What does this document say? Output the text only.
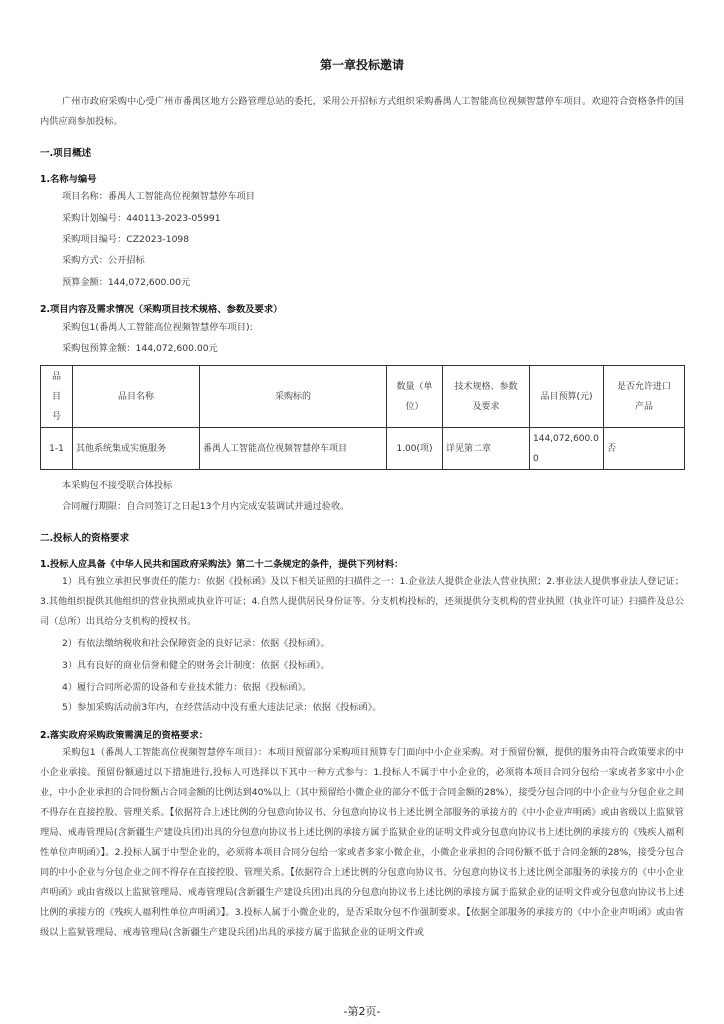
第一章投标邀请
广州市政府采购中心受广州市番禺区地方公路管理总站的委托，采用公开招标方式组织采购番禺人工智能高位视频智慧停车项目。欢迎符合资格条件的国内供应商参加投标。
一.项目概述
1.名称与编号
项目名称：番禺人工智能高位视频智慧停车项目
采购计划编号：440113-2023-05991
采购项目编号：CZ2023-1098
采购方式：公开招标
预算金额：144,072,600.00元
2.项目内容及需求情况（采购项目技术规格、参数及要求）
采购包1(番禺人工智能高位视频智慧停车项目):
采购包预算金额：144,072,600.00元
品目号	品目名称	采购标的	数量（单位）	技术规格、参数及要求	品目预算(元)	是否允许进口产品
1-1	其他系统集成实施服务	番禺人工智能高位视频智慧停车项目	1.00(项)	详见第二章	144,072,600.00	否
本采购包不接受联合体投标
合同履行期限：自合同签订之日起13个月内完成安装调试并通过验收。
二.投标人的资格要求
1.投标人应具备《中华人民共和国政府采购法》第二十二条规定的条件，提供下列材料：
1）具有独立承担民事责任的能力：依据《投标函》及以下相关证照的扫描件之一：1.企业法人提供企业法人营业执照；2.事业法人提供事业法人登记证；3.其他组织提供其他组织的营业执照或执业许可证；4.自然人提供居民身份证等。分支机构投标的，还须提供分支机构的营业执照（执业许可证）扫描件及总公司（总所）出具给分支机构的授权书。
2）有依法缴纳税收和社会保障资金的良好记录：依据《投标函》。
3）具有良好的商业信誉和健全的财务会计制度：依据《投标函》。
4）履行合同所必需的设备和专业技术能力：依据《投标函》。
5）参加采购活动前3年内，在经营活动中没有重大违法记录：依据《投标函》。
2.落实政府采购政策需满足的资格要求：
采购包1（番禺人工智能高位视频智慧停车项目）：本项目预留部分采购项目预算专门面向中小企业采购。对于预留份额，提供的服务由符合政策要求的中小企业承接。预留份额通过以下措施进行,投标人可选择以下其中一种方式参与：1.投标人不属于中小企业的，必须将本项目合同分包给一家或者多家中小企业，中小企业承担的合同份额占合同金额的比例达到40%以上（其中预留给小微企业的部分不低于合同金额的28%），接受分包合同的中小企业与分包企业之间不得存在直接控股、管理关系。【依据符合上述比例的分包意向协议书、分包意向协议书上述比例全部服务的承接方的《中小企业声明函》或由省级以上监狱管理局、戒毒管理局(含新疆生产建设兵团)出具的分包意向协议书上述比例的承接方属于监狱企业的证明文件或分包意向协议书上述比例的承接方的《残疾人福利性单位声明函》】。2.投标人属于中型企业的，必须将本项目合同分包给一家或者多家小微企业，小微企业承担的合同份额不低于合同金额的28%，接受分包合同的中小企业与分包企业之间不得存在直接控股、管理关系。【依据符合上述比例的分包意向协议书、分包意向协议书上述比例全部服务的承接方的《中小企业声明函》或由省级以上监狱管理局、戒毒管理局(含新疆生产建设兵团)出具的分包意向协议书上述比例的承接方属于监狱企业的证明文件或分包意向协议书上述比例的承接方的《残疾人福利性单位声明函》】。3.投标人属于小微企业的，是否采取分包不作强制要求。【依据全部服务的承接方的《中小企业声明函》或由省级以上监狱管理局、戒毒管理局(含新疆生产建设兵团)出具的承接方属于监狱企业的证明文件或
-第2页-
